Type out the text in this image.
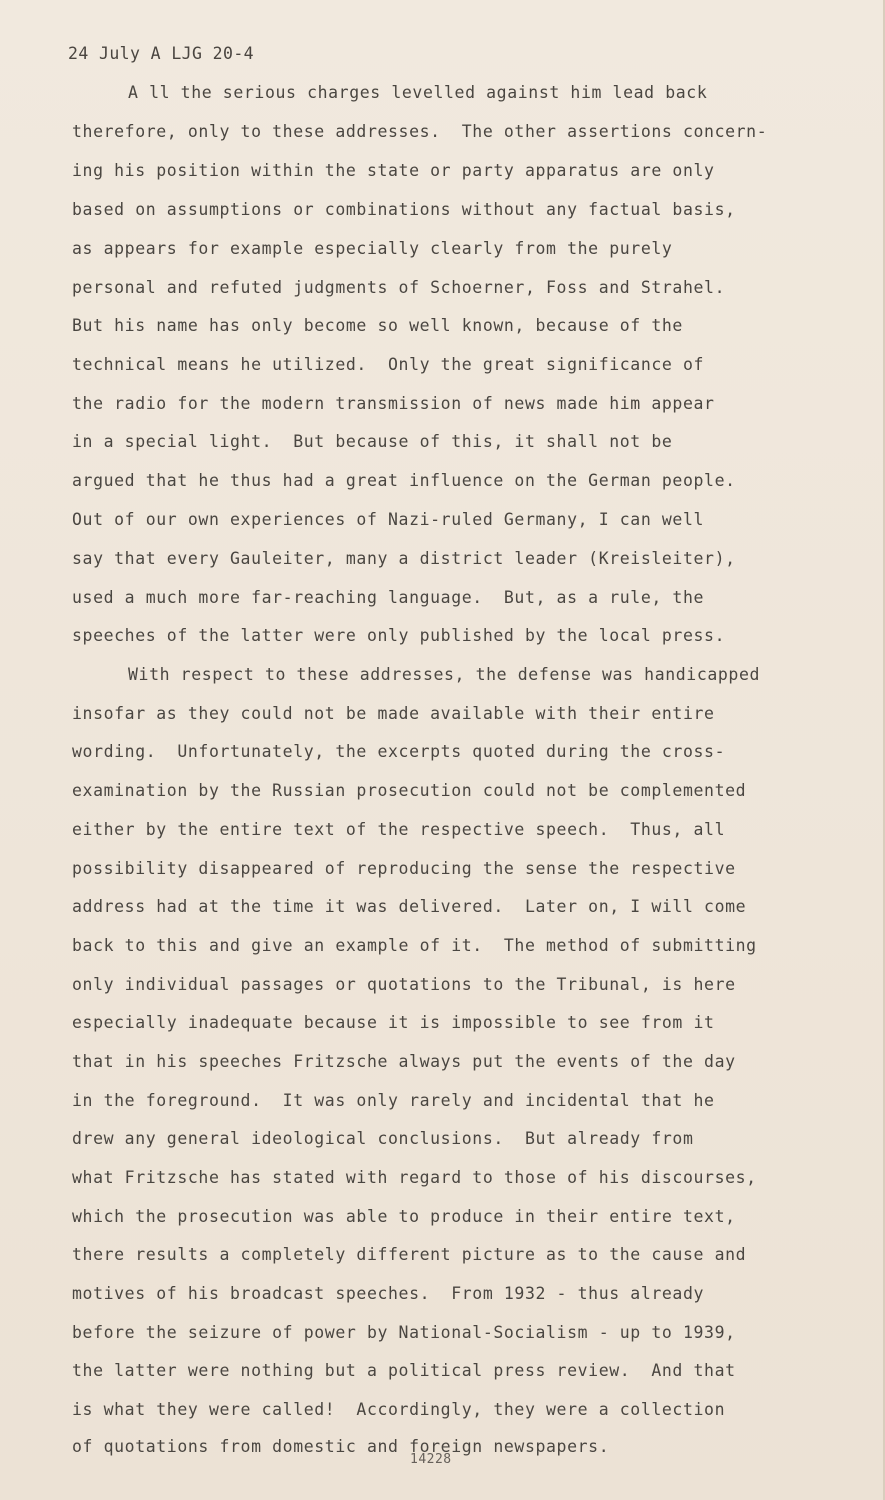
24 July A LJG 20-4
A ll the serious charges levelled against him lead back
therefore, only to these addresses.  The other assertions concern-
ing his position within the state or party apparatus are only
based on assumptions or combinations without any factual basis,
as appears for example especially clearly from the purely
personal and refuted judgments of Schoerner, Foss and Strahel.
But his name has only become so well known, because of the
technical means he utilized.  Only the great significance of
the radio for the modern transmission of news made him appear
in a special light.  But because of this, it shall not be
argued that he thus had a great influence on the German people.
Out of our own experiences of Nazi-ruled Germany, I can well
say that every Gauleiter, many a district leader (Kreisleiter),
used a much more far-reaching language.  But, as a rule, the
speeches of the latter were only published by the local press.
With respect to these addresses, the defense was handicapped
insofar as they could not be made available with their entire
wording.  Unfortunately, the excerpts quoted during the cross-
examination by the Russian prosecution could not be complemented
either by the entire text of the respective speech.  Thus, all
possibility disappeared of reproducing the sense the respective
address had at the time it was delivered.  Later on, I will come
back to this and give an example of it.  The method of submitting
only individual passages or quotations to the Tribunal, is here
especially inadequate because it is impossible to see from it
that in his speeches Fritzsche always put the events of the day
in the foreground.  It was only rarely and incidental that he
drew any general ideological conclusions.  But already from
what Fritzsche has stated with regard to those of his discourses,
which the prosecution was able to produce in their entire text,
there results a completely different picture as to the cause and
motives of his broadcast speeches.  From 1932 - thus already
before the seizure of power by National-Socialism - up to 1939,
the latter were nothing but a political press review.  And that
is what they were called!  Accordingly, they were a collection
of quotations from domestic and foreign newspapers.
14228
